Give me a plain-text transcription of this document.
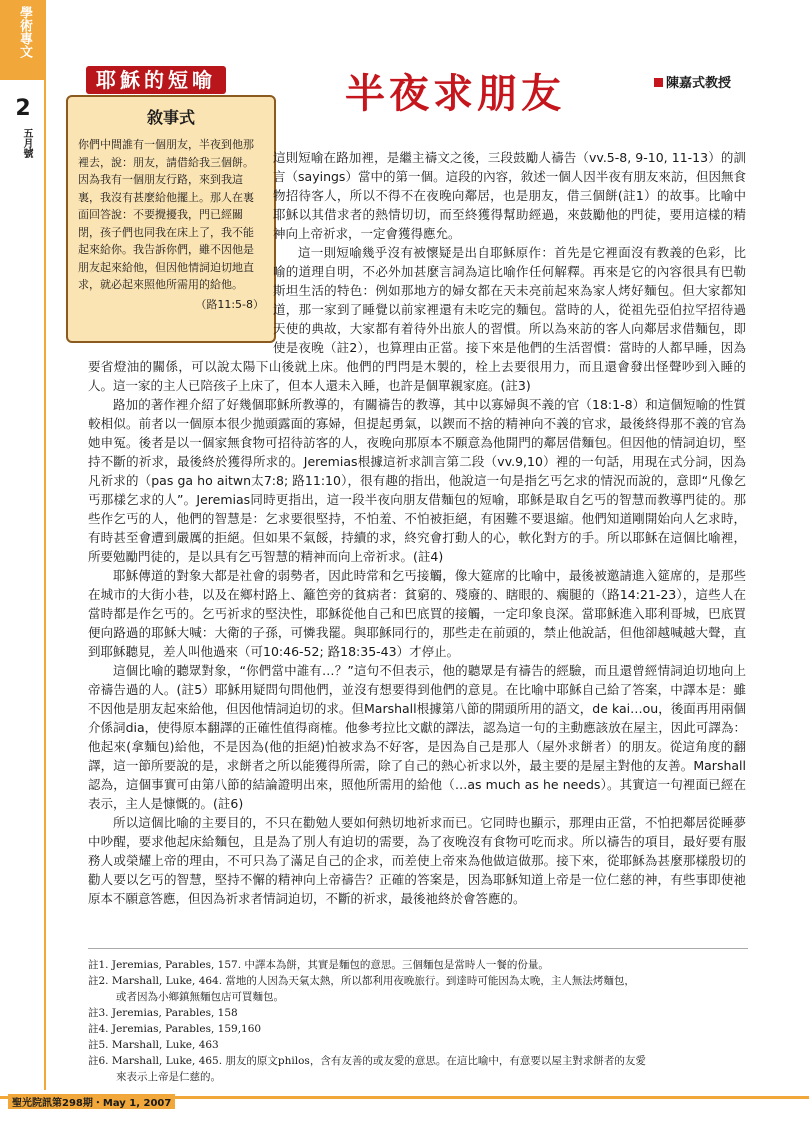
學術專文
2
五月號
耶穌的短喻	半夜求朋友	陳嘉式教授
敘事式
你們中間誰有一個朋友，半夜到他那裡去，說：朋友，請借給我三個餅。因為我有一個朋友行路，來到我這裏，我沒有甚麼給他擺上。那人在裏面回答說：不要攪擾我，門已經關閉，孩子們也同我在床上了，我不能起來給你。我告訴你們，雖不因他是朋友起來給他，但因他情詞迫切地直求，就必起來照他所需用的給他。
（路11:5-8）

這則短喻在路加裡，是繼主禱文之後，三段鼓勵人禱告（vv.5-8, 9-10, 11-13）的訓言（sayings）當中的第一個。這段的內容，敘述一個人因半夜有朋友來訪，但因無食物招待客人，所以不得不在夜晚向鄰居，也是朋友，借三個餅(註1）的故事。比喻中耶穌以其借求者的熱情切切，而至終獲得幫助經過，來鼓勵他的門徒，要用這樣的精神向上帝祈求，一定會獲得應允。

這一則短喻幾乎沒有被懷疑是出自耶穌原作：首先是它裡面沒有教義的色彩，比喻的道理自明，不必外加甚麼言詞為這比喻作任何解釋。再來是它的內容很具有巴勒斯坦生活的特色：例如那地方的婦女都在天未亮前起來為家人烤好麵包。但大家都知道，那一家到了睡覺以前家裡還有未吃完的麵包。當時的人，從祖先亞伯拉罕招待過天使的典故，大家都有着待外出旅人的習慣。所以為來訪的客人向鄰居求借麵包，即使是夜晚（註2），也算理由正當。接下來是他們的生活習慣：當時的人都早睡，因為要省燈油的關係，可以說太陽下山後就上床。他們的門閂是木製的，栓上去要很用力，而且還會發出怪聲吵到入睡的人。這一家的主人已陪孩子上床了，但本人還未入睡，也許是個單親家庭。(註3)

路加的著作裡介紹了好幾個耶穌所教導的，有關禱告的教導，其中以寡婦與不義的官（18:1-8）和這個短喻的性質較相似。前者以一個原本很少拋頭露面的寡婦，但提起勇氣，以鍥而不捨的精神向不義的官求，最後終得那不義的官為她申冤。後者是以一個家無食物可招待訪客的人，夜晚向那原本不願意為他開門的鄰居借麵包。但因他的情詞迫切，堅持不斷的祈求，最後終於獲得所求的。Jeremias根據這祈求訓言第二段（vv.9,10）裡的一句話，用現在式分詞，因為凡祈求的（pas ga ho aitwn太7:8; 路11:10），很有趣的指出，他說這一句是指乞丐乞求的情況而說的，意即“凡像乞丐那樣乞求的人”。Jeremias同時更指出，這一段半夜向朋友借麵包的短喻，耶穌是取自乞丐的智慧而教導門徒的。那些作乞丐的人，他們的智慧是：乞求要很堅持，不怕羞、不怕被拒絕，有困難不要退縮。他們知道剛開始向人乞求時，有時甚至會遭到嚴厲的拒絕。但如果不氣餒，持續的求，終究會打動人的心，軟化對方的手。所以耶穌在這個比喻裡，所要勉勵門徒的，是以具有乞丐智慧的精神而向上帝祈求。(註4)

耶穌傳道的對象大都是社會的弱勢者，因此時常和乞丐接觸，像大筵席的比喻中，最後被邀請進入筵席的，是那些在城市的大街小巷，以及在鄉村路上、籬笆旁的貧病者：貧窮的、殘廢的、瞎眼的、瘸腿的（路14:21-23），這些人在當時都是作乞丐的。乞丐祈求的堅決性，耶穌從他自己和巴底買的接觸，一定印象良深。當耶穌進入耶利哥城，巴底買便向路過的耶穌大喊：大衛的子孫，可憐我罷。與耶穌同行的，那些走在前頭的，禁止他說話，但他卻越喊越大聲，直到耶穌聽見，差人叫他過來（可10:46-52; 路18:35-43）才停止。

這個比喻的聽眾對象，“你們當中誰有…？”這句不但表示，他的聽眾是有禱告的經驗，而且還曾經情詞迫切地向上帝禱告過的人。(註5）耶穌用疑問句問他們，並沒有想要得到他們的意見。在比喻中耶穌自己給了答案，中譯本是：雖不因他是朋友起來給他，但因他情詞迫切的求。但Marshall根據第八節的開頭所用的語文，de kai…ou，後面再用兩個介係詞dia，使得原本翻譯的正確性值得商榷。他參考拉比文獻的譯法，認為這一句的主動應該放在屋主，因此可譯為：他起來(拿麵包)給他，不是因為(他的拒絕)怕被求為不好客，是因為自己是那人（屋外求餅者）的朋友。從這角度的翻譯，這一節所要說的是，求餅者之所以能獲得所需，除了自己的熱心祈求以外，最主要的是屋主對他的友善。Marshall認為，這個事實可由第八節的結論證明出來，照他所需用的給他（…as much as he needs）。其實這一句裡面已經在表示，主人是慷慨的。(註6)

所以這個比喻的主要目的，不只在勸勉人要如何熱切地祈求而已。它同時也顯示，那理由正當，不怕把鄰居從睡夢中吵醒，要求他起床給麵包，且是為了別人有迫切的需要，為了夜晚沒有食物可吃而求。所以禱告的項目，最好要有服務人或榮耀上帝的理由，不可只為了滿足自己的企求，而差使上帝來為他做這做那。接下來，從耶穌為甚麼那樣殷切的勸人要以乞丐的智慧，堅持不懈的精神向上帝禱告？正確的答案是，因為耶穌知道上帝是一位仁慈的神，有些事即使祂原本不願意答應，但因為祈求者情詞迫切，不斷的祈求，最後祂終於會答應的。

註1. Jeremias, Parables, 157. 中譯本為餅，其實是麵包的意思。三個麵包是當時人一餐的份量。

註2. Marshall, Luke, 464. 當地的人因為天氣太熱，所以都利用夜晚旅行。到達時可能因為太晚，主人無法烤麵包，
或者因為小鄉鎮無麵包店可買麵包。

註3. Jeremias, Parables, 158

註4. Jeremias, Parables, 159,160

註5. Marshall, Luke, 463

註6. Marshall, Luke, 465. 朋友的原文philos，含有友善的或友愛的意思。在這比喻中，有意要以屋主對求餅者的友愛
來表示上帝是仁慈的。

聖光院訊第298期・May 1, 2007
